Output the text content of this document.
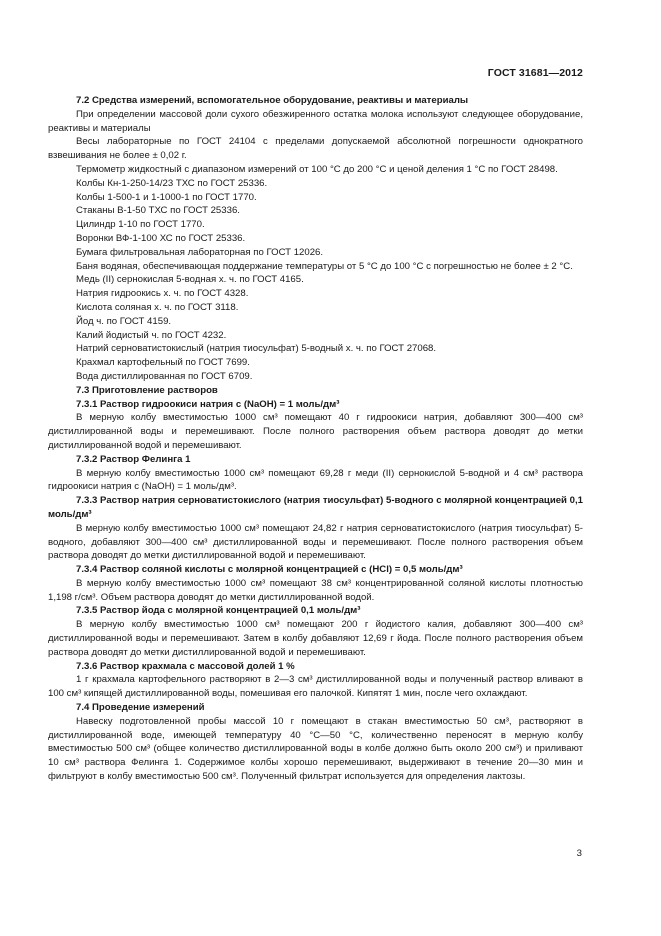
ГОСТ 31681—2012

7.2 Средства измерений, вспомогательное оборудование, реактивы и материалы

При определении массовой доли сухого обезжиренного остатка молока используют следующее оборудование, реактивы и материалы

Весы лабораторные по ГОСТ 24104 с пределами допускаемой абсолютной погрешности однократного взвешивания не более ± 0,02 г.

Термометр жидкостный с диапазоном измерений от 100 °С до 200 °С и ценой деления 1 °С по ГОСТ 28498.

Колбы Кн-1-250-14/23 ТХС по ГОСТ 25336.

Колбы 1-500-1 и 1-1000-1 по ГОСТ 1770.

Стаканы В-1-50 ТХС по ГОСТ 25336.

Цилиндр 1-10 по ГОСТ 1770.

Воронки ВФ-1-100 ХС по ГОСТ 25336.

Бумага фильтровальная лабораторная по ГОСТ 12026.

Баня водяная, обеспечивающая поддержание температуры от 5 °С до 100 °С с погрешностью не более ± 2 °С.

Медь (II) сернокислая 5-водная х. ч. по ГОСТ 4165.

Натрия гидроокись х. ч. по ГОСТ 4328.

Кислота соляная х. ч. по ГОСТ 3118.

Йод ч. по ГОСТ 4159.

Калий йодистый ч. по ГОСТ 4232.

Натрий серноватистокислый (натрия тиосульфат) 5-водный х. ч. по ГОСТ 27068.

Крахмал картофельный по ГОСТ 7699.

Вода дистиллированная по ГОСТ 6709.

7.3 Приготовление растворов

7.3.1 Раствор гидроокиси натрия с (NaOH) = 1 моль/дм³

В мерную колбу вместимостью 1000 см³ помещают 40 г гидроокиси натрия, добавляют 300—400 см³ дистиллированной воды и перемешивают. После полного растворения объем раствора доводят до метки дистиллированной водой и перемешивают.

7.3.2 Раствор Фелинга 1

В мерную колбу вместимостью 1000 см³ помещают 69,28 г меди (II) сернокислой 5-водной и 4 см³ раствора гидроокиси натрия с (NaOH) = 1 моль/дм³.

7.3.3 Раствор натрия серноватистокислого (натрия тиосульфат) 5-водного с молярной концентрацией 0,1 моль/дм³

В мерную колбу вместимостью 1000 см³ помещают 24,82 г натрия серноватистокислого (натрия тиосульфат) 5-водного, добавляют 300—400 см³ дистиллированной воды и перемешивают. После полного растворения объем раствора доводят до метки дистиллированной водой и перемешивают.

7.3.4 Раствор соляной кислоты с молярной концентрацией с (HCl) = 0,5 моль/дм³

В мерную колбу вместимостью 1000 см³ помещают 38 см³ концентрированной соляной кислоты плотностью 1,198 г/см³. Объем раствора доводят до метки дистиллированной водой.

7.3.5 Раствор йода с молярной концентрацией 0,1 моль/дм³

В мерную колбу вместимостью 1000 см³ помещают 200 г йодистого калия, добавляют 300—400 см³ дистиллированной воды и перемешивают. Затем в колбу добавляют 12,69 г йода. После полного растворения объем раствора доводят до метки дистиллированной водой и перемешивают.

7.3.6 Раствор крахмала с массовой долей 1 %

1 г крахмала картофельного растворяют в 2—3 см³ дистиллированной воды и полученный раствор вливают в 100 см³ кипящей дистиллированной воды, помешивая его палочкой. Кипятят 1 мин, после чего охлаждают.

7.4 Проведение измерений

Навеску подготовленной пробы массой 10 г помещают в стакан вместимостью 50 см³, растворяют в дистиллированной воде, имеющей температуру 40 °С—50 °С, количественно переносят в мерную колбу вместимостью 500 см³ (общее количество дистиллированной воды в колбе должно быть около 200 см³) и приливают 10 см³ раствора Фелинга 1. Содержимое колбы хорошо перемешивают, выдерживают в течение 20—30 мин и фильтруют в колбу вместимостью 500 см³. Полученный фильтрат используется для определения лактозы.

3
